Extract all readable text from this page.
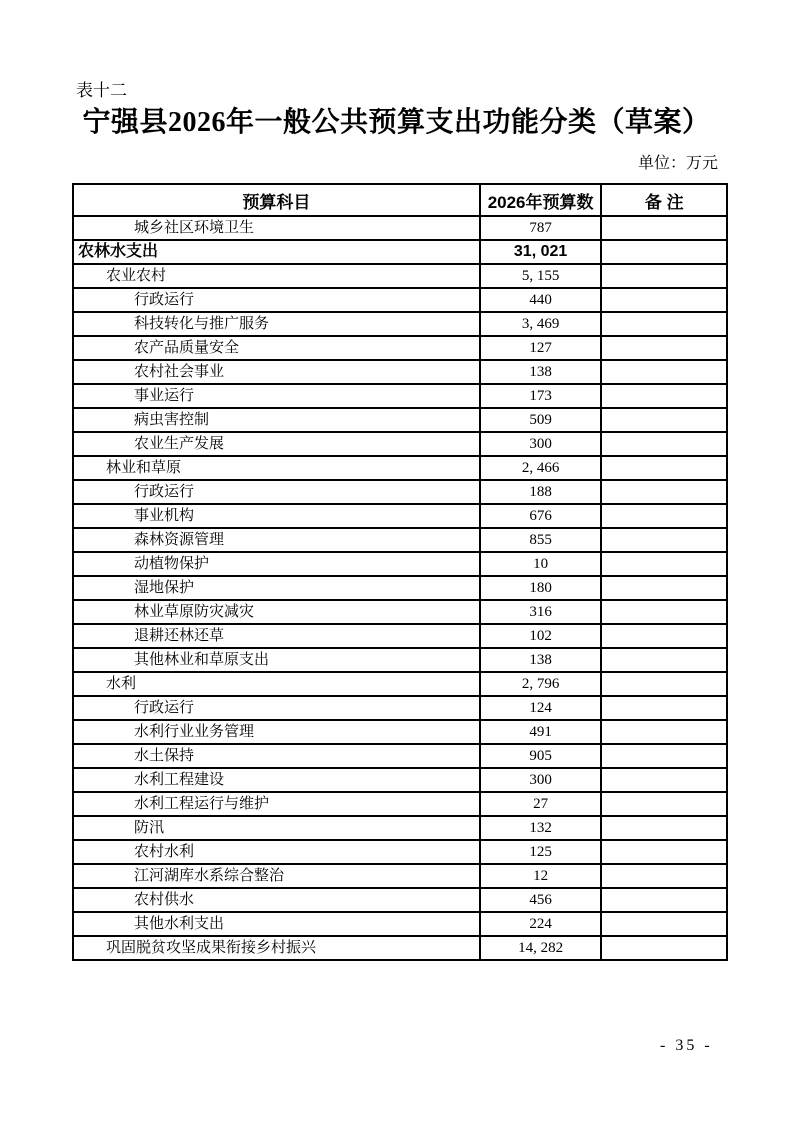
表十二
宁强县2026年一般公共预算支出功能分类（草案）
单位：万元
预算科目	2026年预算数	备 注
城乡社区环境卫生	787	
农林水支出	31, 021	
农业农村	5, 155	
行政运行	440	
科技转化与推广服务	3, 469	
农产品质量安全	127	
农村社会事业	138	
事业运行	173	
病虫害控制	509	
农业生产发展	300	
林业和草原	2, 466	
行政运行	188	
事业机构	676	
森林资源管理	855	
动植物保护	10	
湿地保护	180	
林业草原防灾减灾	316	
退耕还林还草	102	
其他林业和草原支出	138	
水利	2, 796	
行政运行	124	
水利行业业务管理	491	
水土保持	905	
水利工程建设	300	
水利工程运行与维护	27	
防汛	132	
农村水利	125	
江河湖库水系综合整治	12	
农村供水	456	
其他水利支出	224	
巩固脱贫攻坚成果衔接乡村振兴	14, 282	
- 35 -
